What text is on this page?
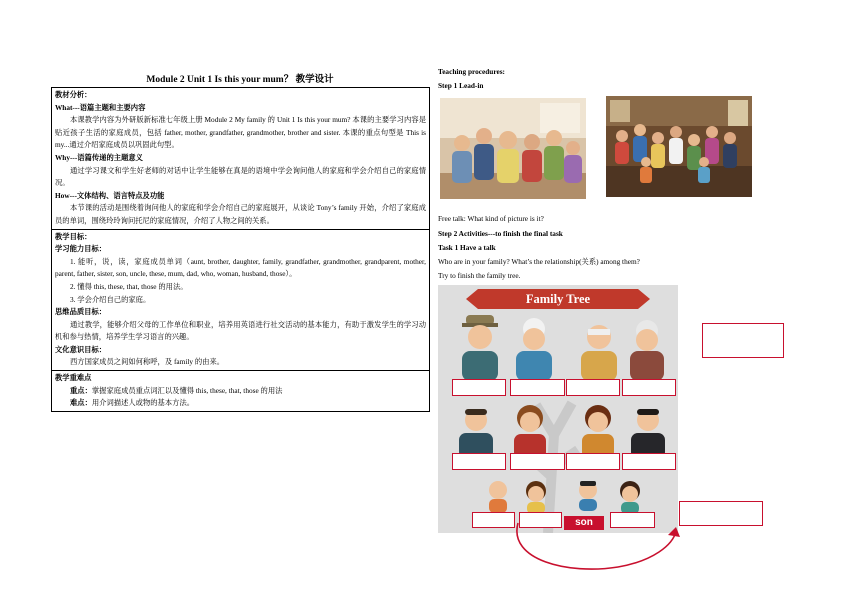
Module 2 Unit 1 Is this your mum？ 教学设计
教材分析：
What---语篇主题和主要内容
本课教学内容为外研版新标准七年级上册 Module 2 My family 的 Unit 1 Is this your mum? 本课的主要学习内容是贴近孩子生活的家庭成员，包括 father, mother, grandfather, grandmother, brother and sister. 本课的重点句型是 This is my...通过介绍家庭成员以巩固此句型。
Why---语篇传递的主题意义
通过学习课文和学生好老师的对话中让学生能够在真是的语境中学会询问他人的家庭和学会介绍自己的家庭情况。
How---文体结构、语言特点及功能
本节课的活动是围绕着询问他人的家庭和学会介绍自己的家庭展开，从谈论 Tony’s family 开始，介绍了家庭成员的单词，围绕玲玲询问托尼的家庭情况，介绍了人物之间的关系。
教学目标：
学习能力目标：
1. 能听，说，读，家庭成员单词（aunt, brother, daughter, family, grandfather, grandmother, grandparent, mother, parent, father, sister, son, uncle, these, mum, dad, who, woman, husband, those）。
2. 懂得 this, these, that, those 的用法。
3. 学会介绍自己的家庭。
思维品质目标：
通过教学，能够介绍父母的工作单位和职业，培养用英语进行社交活动的基本能力，有助于激发学生的学习动机和参与热情，培养学生学习语言的兴趣。
文化意识目标：
西方国家成员之间如何称呼，及 family 的由来。
教学重难点
重点：掌握家庭成员重点词汇以及懂得 this, these, that, those 的用法
难点：用介词描述人或物的基本方法。
Teaching procedures:
Step 1 Lead-in
Free talk: What kind of picture is it?
Step 2 Activities---to finish the final task
Task 1 Have a talk
Who are in your family? What’s the relationship(关系) among them?
Try to finish the family tree.
Family Tree
son
